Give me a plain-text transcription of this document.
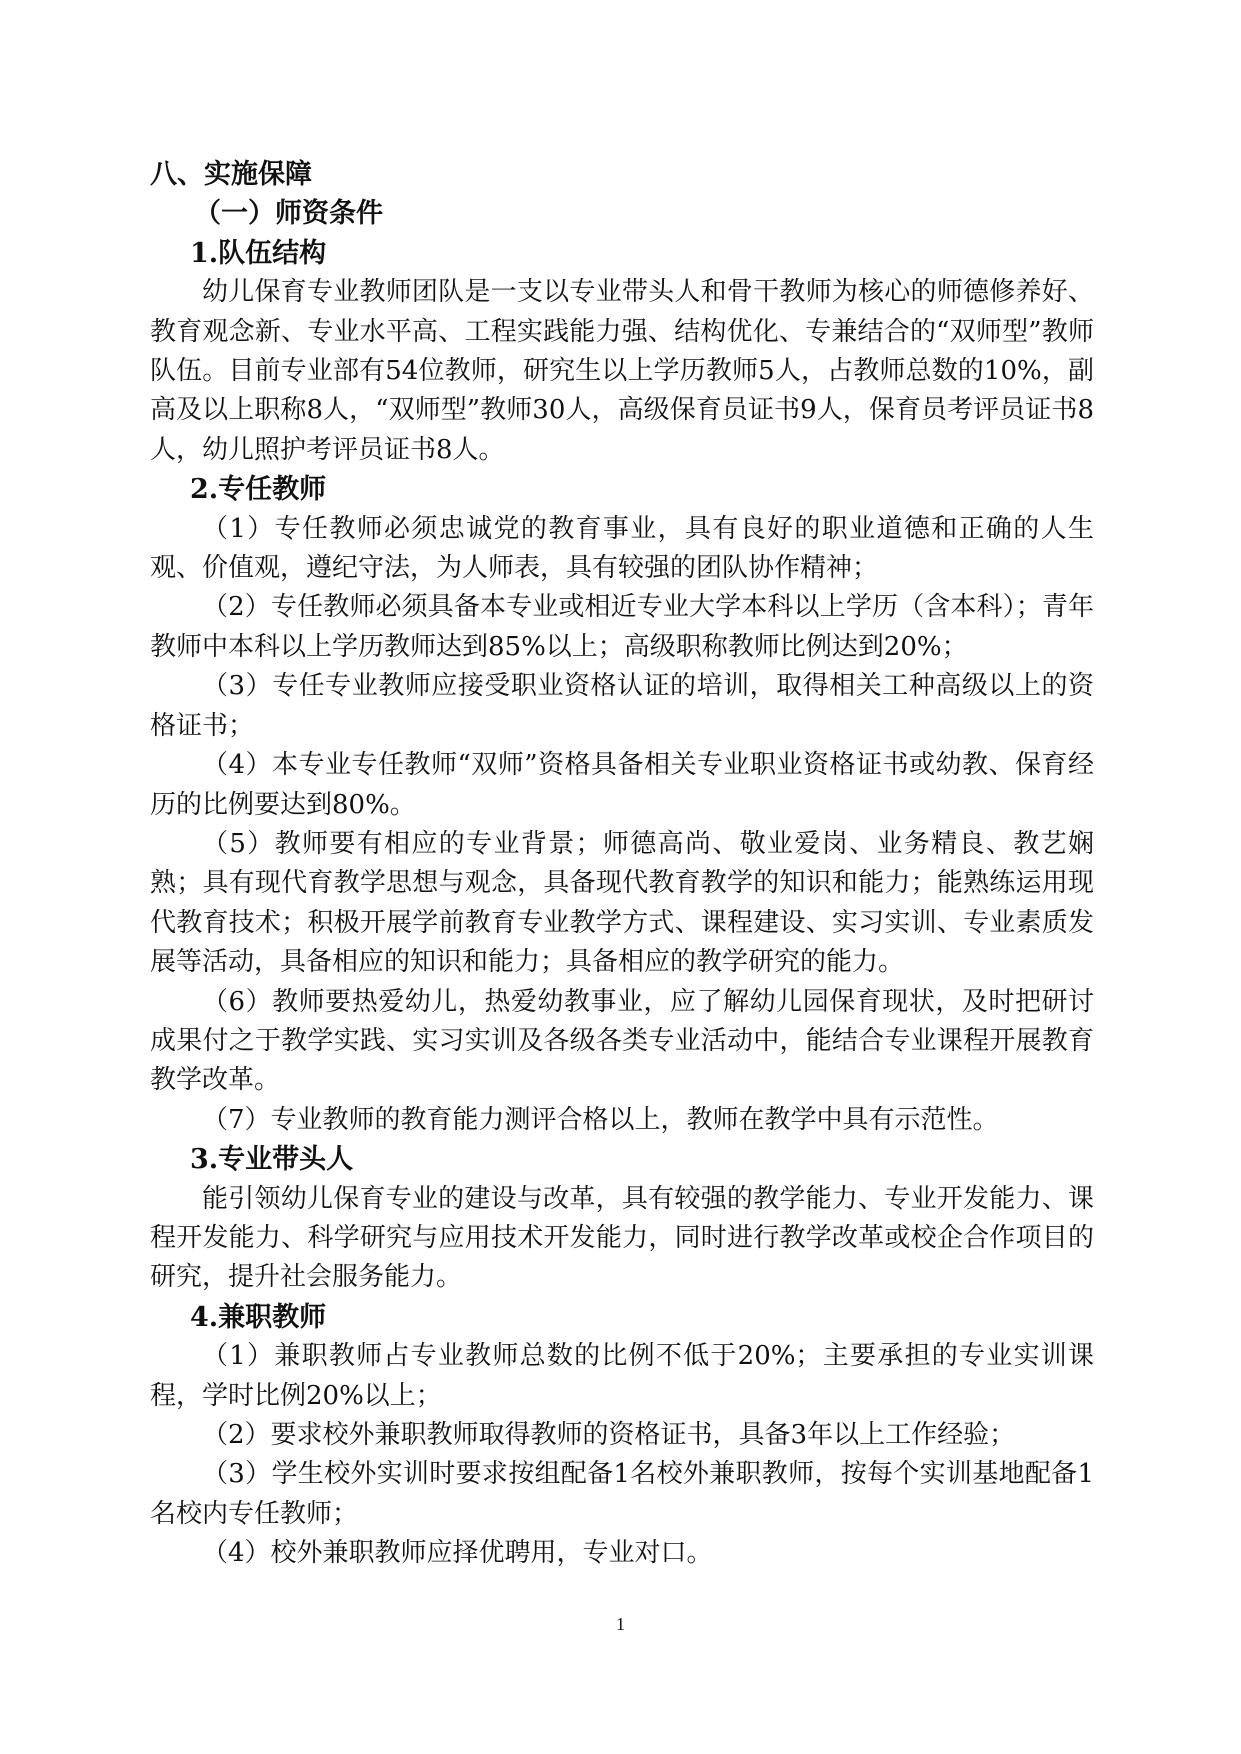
八、实施保障

（一）师资条件

1.队伍结构

幼儿保育专业教师团队是一支以专业带头人和骨干教师为核心的师德修养好、教育观念新、专业水平高、工程实践能力强、结构优化、专兼结合的“双师型”教师队伍。目前专业部有54位教师，研究生以上学历教师5人，占教师总数的10%，副高及以上职称8人，“双师型”教师30人，高级保育员证书9人，保育员考评员证书8人，幼儿照护考评员证书8人。

2.专任教师

（1）专任教师必须忠诚党的教育事业，具有良好的职业道德和正确的人生观、价值观，遵纪守法，为人师表，具有较强的团队协作精神；

（2）专任教师必须具备本专业或相近专业大学本科以上学历（含本科）；青年教师中本科以上学历教师达到85%以上；高级职称教师比例达到20%；

（3）专任专业教师应接受职业资格认证的培训，取得相关工种高级以上的资格证书；

（4）本专业专任教师“双师”资格具备相关专业职业资格证书或幼教、保育经历的比例要达到80%。

（5）教师要有相应的专业背景；师德高尚、敬业爱岗、业务精良、教艺娴熟；具有现代育教学思想与观念，具备现代教育教学的知识和能力；能熟练运用现代教育技术；积极开展学前教育专业教学方式、课程建设、实习实训、专业素质发展等活动，具备相应的知识和能力；具备相应的教学研究的能力。

（6）教师要热爱幼儿，热爱幼教事业，应了解幼儿园保育现状，及时把研讨成果付之于教学实践、实习实训及各级各类专业活动中，能结合专业课程开展教育教学改革。

（7）专业教师的教育能力测评合格以上，教师在教学中具有示范性。

3.专业带头人

能引领幼儿保育专业的建设与改革，具有较强的教学能力、专业开发能力、课程开发能力、科学研究与应用技术开发能力，同时进行教学改革或校企合作项目的研究，提升社会服务能力。

4.兼职教师

（1）兼职教师占专业教师总数的比例不低于20%；主要承担的专业实训课程，学时比例20%以上；

（2）要求校外兼职教师取得教师的资格证书，具备3年以上工作经验；

（3）学生校外实训时要求按组配备1名校外兼职教师，按每个实训基地配备1名校内专任教师；

（4）校外兼职教师应择优聘用，专业对口。

1
